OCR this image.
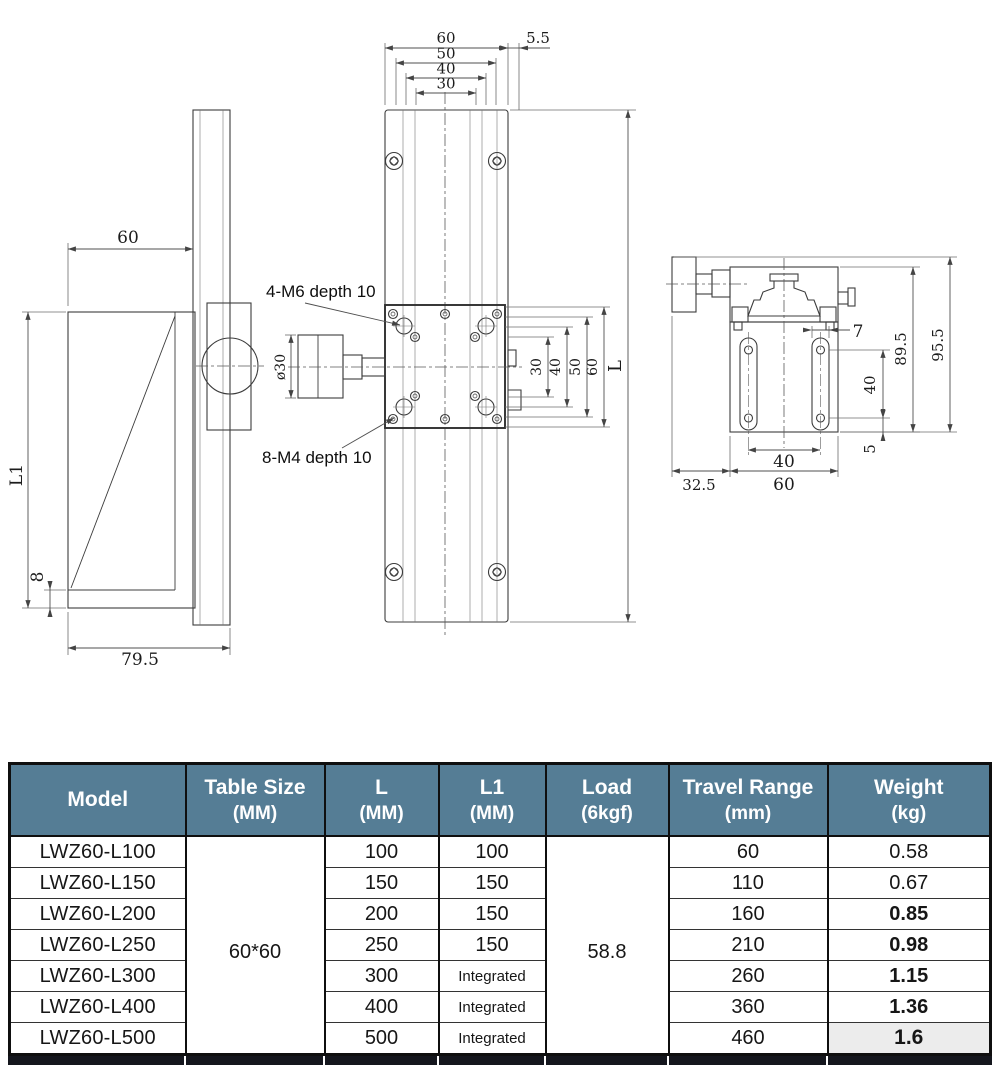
60
L1
8
79.5
ø30
4-M6 depth 10
8-M4 depth 10
60
50
40
30
5.5
30 40 50 60 L
7
89.5 95.5
40
5
40
60
32.5
Model

Table Size
(MM)

L
(MM)

L1
(MM)

Load
(6kgf)

Travel Range
(mm)

Weight
(kg)

LWZ60-L100	60*60	100	100	58.8	60	0.58
LWZ60-L150		150	150		110	0.67
LWZ60-L200		200	150		160	0.85
LWZ60-L250		250	150		210	0.98
LWZ60-L300		300	Integrated		260	1.15
LWZ60-L400		400	Integrated		360	1.36
LWZ60-L500		500	Integrated		460	1.6
